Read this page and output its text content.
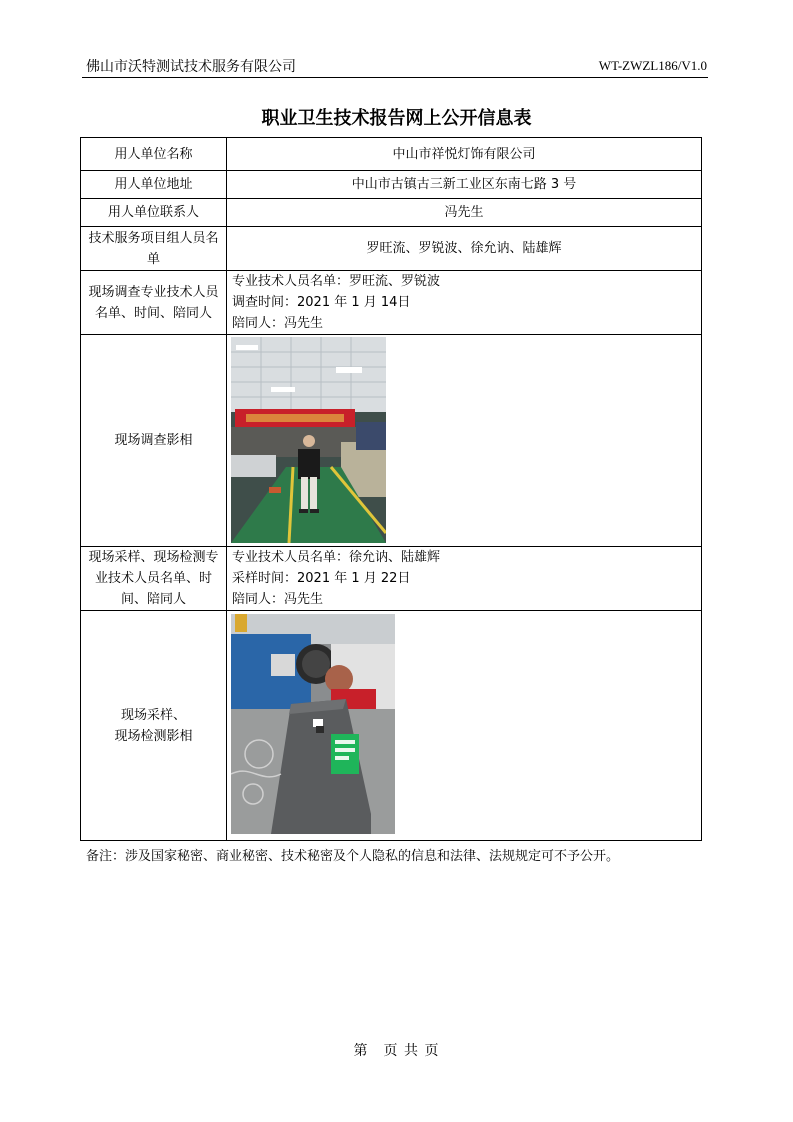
佛山市沃特测试技术服务有限公司	WT-ZWZL186/V1.0
职业卫生技术报告网上公开信息表
用人单位名称	中山市祥悦灯饰有限公司
用人单位地址	中山市古镇古三新工业区东南七路 3 号
用人单位联系人	冯先生
技术服务项目组人员名单	罗旺流、罗锐波、徐允讷、陆雄辉
现场调查专业技术人员名单、时间、陪同人	专业技术人员名单：罗旺流、罗锐波
调查时间：2021 年 1 月 14日
陪同人：冯先生

现场调查影相	

现场采样、现场检测专业技术人员名单、时间、陪同人	专业技术人员名单：徐允讷、陆雄辉
采样时间：2021 年 1 月 22日
陪同人：冯先生

现场采样、
现场检测影相

备注：涉及国家秘密、商业秘密、技术秘密及个人隐私的信息和法律、法规规定可不予公开。
第　页 共 页
